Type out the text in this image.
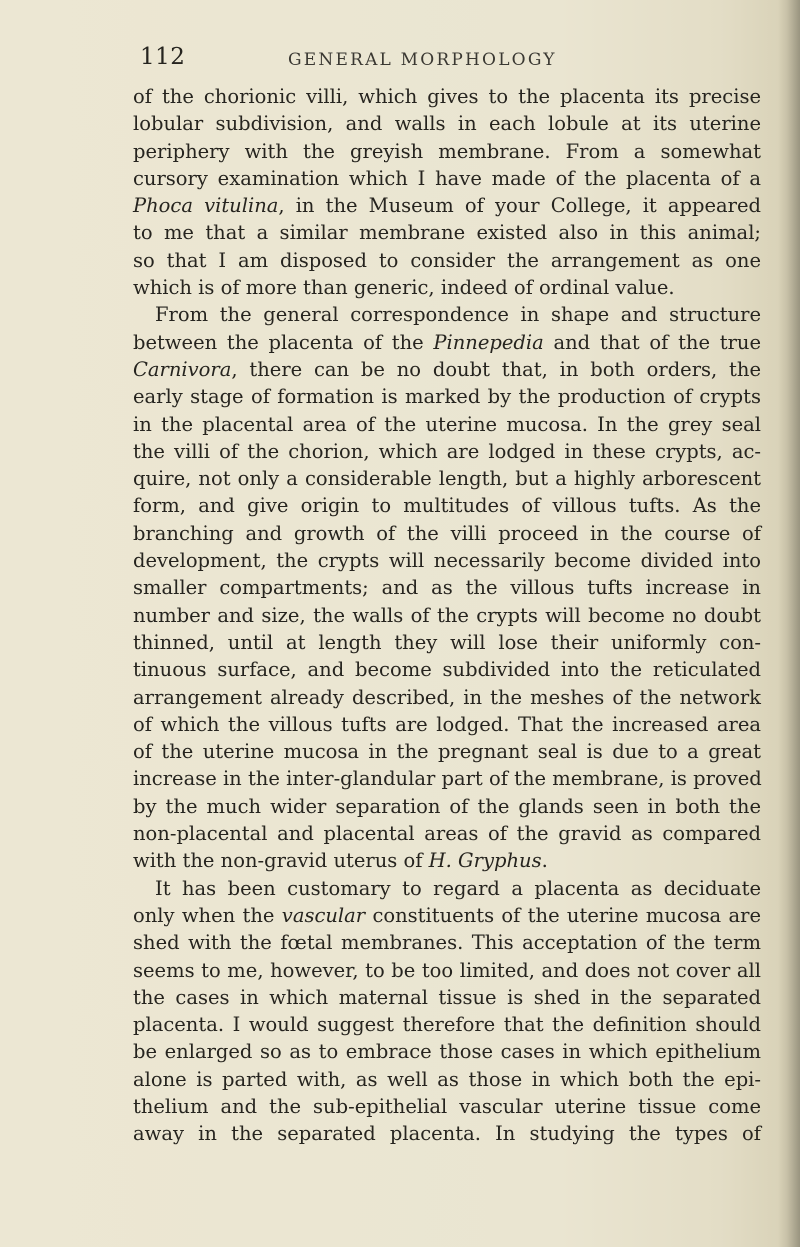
112	GENERAL MORPHOLOGY

of the chorionic villi, which gives to the placenta its precise
lobular subdivision, and walls in each lobule at its uterine
periphery with the greyish membrane. From a somewhat
cursory examination which I have made of the placenta of a
Phoca vitulina, in the Museum of your College, it appeared
to me that a similar membrane existed also in this animal;
so that I am disposed to consider the arrangement as one
which is of more than generic, indeed of ordinal value.
From the general correspondence in shape and structure
between the placenta of the Pinnepedia and that of the true
Carnivora, there can be no doubt that, in both orders, the
early stage of formation is marked by the production of crypts
in the placental area of the uterine mucosa. In the grey seal
the villi of the chorion, which are lodged in these crypts, ac-
quire, not only a considerable length, but a highly arborescent
form, and give origin to multitudes of villous tufts. As the
branching and growth of the villi proceed in the course of
development, the crypts will necessarily become divided into
smaller compartments; and as the villous tufts increase in
number and size, the walls of the crypts will become no doubt
thinned, until at length they will lose their uniformly con-
tinuous surface, and become subdivided into the reticulated
arrangement already described, in the meshes of the network
of which the villous tufts are lodged. That the increased area
of the uterine mucosa in the pregnant seal is due to a great
increase in the inter-glandular part of the membrane, is proved
by the much wider separation of the glands seen in both the
non-placental and placental areas of the gravid as compared
with the non-gravid uterus of H. Gryphus.
It has been customary to regard a placenta as deciduate
only when the vascular constituents of the uterine mucosa are
shed with the fœtal membranes. This acceptation of the term
seems to me, however, to be too limited, and does not cover all
the cases in which maternal tissue is shed in the separated
placenta. I would suggest therefore that the definition should
be enlarged so as to embrace those cases in which epithelium
alone is parted with, as well as those in which both the epi-
thelium and the sub-epithelial vascular uterine tissue come
away in the separated placenta. In studying the types of
